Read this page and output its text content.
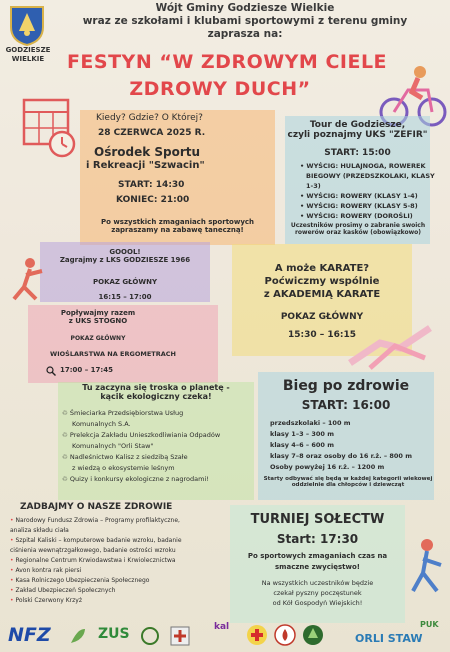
GODZIESZE
WIELKIE
Wójt Gminy Godziesze Wielkie
wraz ze szkołami i klubami sportowymi z terenu gminy
zaprasza na:
FESTYN “W ZDROWYM CIELE
ZDROWY DUCH”
Kiedy? Gdzie? O Której?
28 CZERWCA 2025 R.
Ośrodek Sportu
i Rekreacji "Szwacin"
START: 14:30
KONIEC: 21:00
Po wszystkich zmaganiach sportowych
zapraszamy na zabawę taneczną!
Tour de Godziesze,
czyli poznajmy UKS "ZEFIR"
START: 15:00
• WYŚCIG: HULAJNOGA, ROWEREK
BIEGOWY (PRZEDSZKOLAKI, KLASY 1-3)
• WYŚCIG: ROWERY (KLASY 1-4)
• WYŚCIG: ROWERY (KLASY 5-8)
• WYŚCIG: ROWERY (DOROŚLI)
Uczestników prosimy o zabranie swoich
rowerów oraz kasków (obowiązkowo)
GOOOL!
Zagrajmy z LKS GODZIESZE 1966
POKAZ GŁÓWNY
16:15 – 17:00
A może KARATE?
Poćwiczmy wspólnie
z AKADEMIĄ KARATE
POKAZ GŁÓWNY
15:30 – 16:15
Popływajmy razem
z UKS STOGNO
POKAZ GŁÓWNY
WIOŚLARSTWA NA ERGOMETRACH
17:00 – 17:45
Tu zaczyna się troska o planetę -
kącik ekologiczny czeka!
♲ Śmieciarka Przedsiębiorstwa Usług
Komunalnych S.A.
♲ Prelekcja Zakładu Unieszkodliwiania Odpadów
Komunalnych "Orli Staw"
♲ Nadleśnictwo Kalisz z siedzibą Szałe
z wiedzą o ekosystemie leśnym
♲ Quizy i konkursy ekologiczne z nagrodami!
Bieg po zdrowie
START: 16:00
przedszkolaki – 100 m
klasy 1–3 – 300 m
klasy 4–6 – 600 m
klasy 7–8 oraz osoby do 16 r.ż. – 800 m
Osoby powyżej 16 r.ż. – 1200 m
Starty odbywać się będą w każdej kategorii wiekowej
oddzielnie dla chłopców i dziewcząt
ZADBAJMY O NASZE ZDROWIE
• Narodowy Fundusz Zdrowia – Programy profilaktyczne,
analiza składu ciała
• Szpital Kaliski – komputerowe badanie wzroku, badanie
ciśnienia wewnątrzgałkowego, badanie ostrości wzroku
• Regionalne Centrum Krwiodawstwa i Krwiolecznictwa
• Avon kontra rak piersi
• Kasa Rolniczego Ubezpieczenia Społecznego
• Zakład Ubezpieczeń Społecznych
• Polski Czerwony Krzyż
TURNIEJ SOŁECTW
Start: 17:30
Po sportowych zmaganiach czas na
smaczne zwycięstwo!
Na wszystkich uczestników będzie
czekał pyszny poczęstunek
od Kół Gospodyń Wiejskich!
NFZ	ZUS	kal
ORLI STAW
PUK
